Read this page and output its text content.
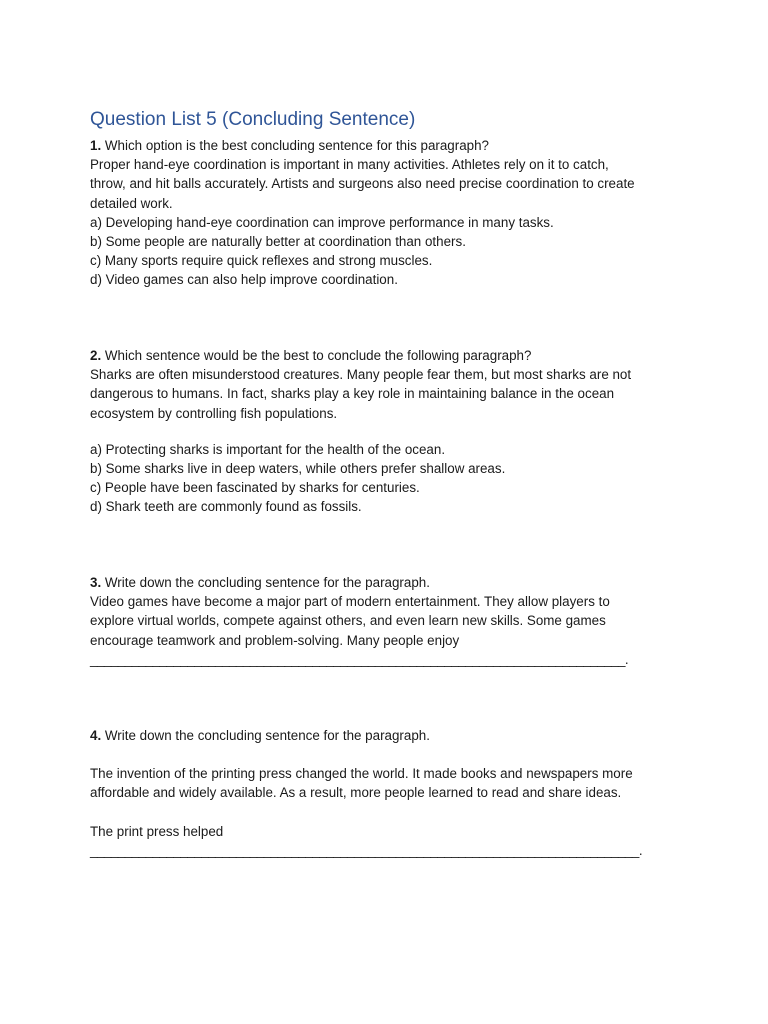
Question List 5 (Concluding Sentence)
1. Which option is the best concluding sentence for this paragraph?
Proper hand-eye coordination is important in many activities. Athletes rely on it to catch,
throw, and hit balls accurately. Artists and surgeons also need precise coordination to create
detailed work.
a) Developing hand-eye coordination can improve performance in many tasks.
b) Some people are naturally better at coordination than others.
c) Many sports require quick reflexes and strong muscles.
d) Video games can also help improve coordination.
2. Which sentence would be the best to conclude the following paragraph?
Sharks are often misunderstood creatures. Many people fear them, but most sharks are not
dangerous to humans. In fact, sharks play a key role in maintaining balance in the ocean
ecosystem by controlling fish populations.
a) Protecting sharks is important for the health of the ocean.
b) Some sharks live in deep waters, while others prefer shallow areas.
c) People have been fascinated by sharks for centuries.
d) Shark teeth are commonly found as fossils.
3. Write down the concluding sentence for the paragraph.
Video games have become a major part of modern entertainment. They allow players to
explore virtual worlds, compete against others, and even learn new skills. Some games
encourage teamwork and problem-solving. Many people enjoy
_____________________________________________________________________________.
4. Write down the concluding sentence for the paragraph.
The invention of the printing press changed the world. It made books and newspapers more
affordable and widely available. As a result, more people learned to read and share ideas.
The print press helped
_______________________________________________________________________________.
